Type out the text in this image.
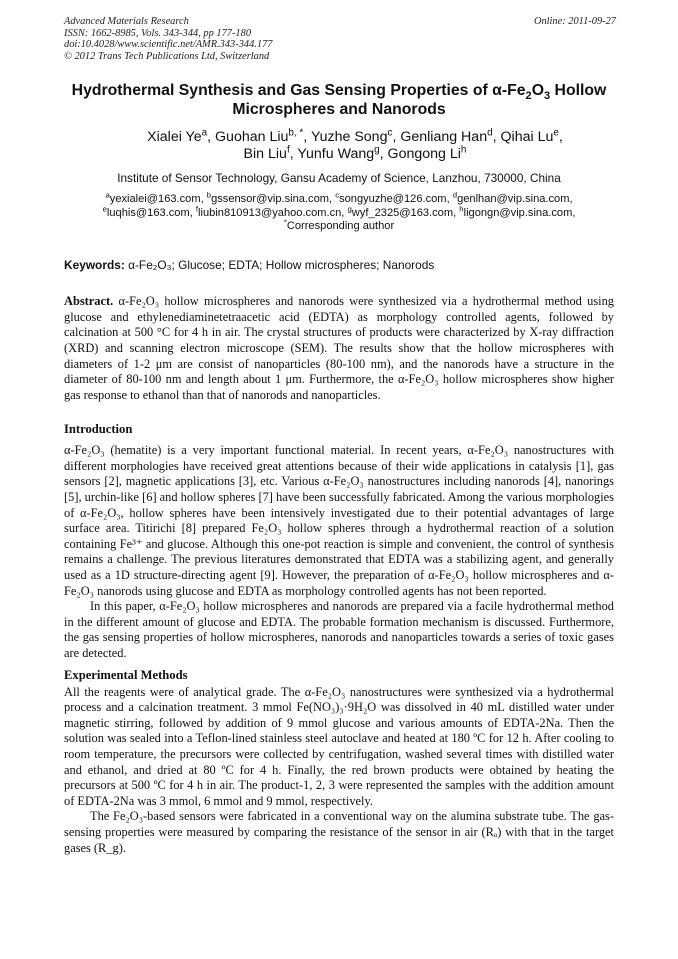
Advanced Materials Research
ISSN: 1662-8985, Vols. 343-344, pp 177-180
doi:10.4028/www.scientific.net/AMR.343-344.177
© 2012 Trans Tech Publications Ltd, Switzerland
Online: 2011-09-27
Hydrothermal Synthesis and Gas Sensing Properties of $\alpha-Fe_2O_3$ Hollow Microspheres and Nanorods
Xialei Ye$^a$, Guohan Liu$^{b, *}$, Yuzhe Song$^c$, Genliang Han$^d$, Qihai Lu$^e$,
Bin Liu$^f$, Yunfu Wang$^g$, Gongong Li$^h$
Institute of Sensor Technology, Gansu Academy of Science, Lanzhou, 730000, China
$^a$yexialei@163.com, $^b$gssensor@vip.sina.com, $^c$songyuzhe@126.com, $^d$genlhan@vip.sina.com,
$^e$luqhis@163.com, $^f$liubin810913@yahoo.com.cn, $^g$wyf_2325@163.com, $^h$ligongn@vip.sina.com,
*Corresponding author
Keywords: α-Fe₂O₃; Glucose; EDTA; Hollow microspheres; Nanorods
Abstract. α-Fe₂O₃ hollow microspheres and nanorods were synthesized via a hydrothermal method using glucose and ethylenediaminetetraacetic acid (EDTA) as morphology controlled agents, followed by calcination at 500 °C for 4 h in air. The crystal structures of products were characterized by X-ray diffraction (XRD) and scanning electron microscope (SEM). The results show that the hollow microspheres with diameters of 1-2 μm are consist of nanoparticles (80-100 nm), and the nanorods have a structure in the diameter of 80-100 nm and length about 1 μm. Furthermore, the α-Fe₂O₃ hollow microspheres show higher gas response to ethanol than that of nanorods and nanoparticles.
Introduction

α-Fe₂O₃ (hematite) is a very important functional material. In recent years, α-Fe₂O₃ nanostructures with different morphologies have received great attentions because of their wide applications in catalysis [1], gas sensors [2], magnetic applications [3], etc. Various α-Fe₂O₃ nanostructures including nanorods [4], nanorings [5], urchin-like [6] and hollow spheres [7] have been successfully fabricated. Among the various morphologies of α-Fe₂O₃, hollow spheres have been intensively investigated due to their potential advantages of large surface area. Titirichi [8] prepared Fe₂O₃ hollow spheres through a hydrothermal reaction of a solution containing Fe³⁺ and glucose. Although this one-pot reaction is simple and convenient, the control of synthesis remains a challenge. The previous literatures demonstrated that EDTA was a stabilizing agent, and generally used as a 1D structure-directing agent [9]. However, the preparation of α-Fe₂O₃ hollow microspheres and α-Fe₂O₃ nanorods using glucose and EDTA as morphology controlled agents has not been reported.

In this paper, α-Fe₂O₃ hollow microspheres and nanorods are prepared via a facile hydrothermal method in the different amount of glucose and EDTA. The probable formation mechanism is discussed. Furthermore, the gas sensing properties of hollow microspheres, nanorods and nanoparticles towards a series of toxic gases are detected.

Experimental Methods

All the reagents were of analytical grade. The α-Fe₂O₃ nanostructures were synthesized via a hydrothermal process and a calcination treatment. 3 mmol Fe(NO₃)₃·9H₂O was dissolved in 40 mL distilled water under magnetic stirring, followed by addition of 9 mmol glucose and various amounts of EDTA-2Na. Then the solution was sealed into a Teflon-lined stainless steel autoclave and heated at 180 ºC for 12 h. After cooling to room temperature, the precursors were collected by centrifugation, washed several times with distilled water and ethanol, and dried at 80 ºC for 4 h. Finally, the red brown products were obtained by heating the precursors at 500 ºC for 4 h in air. The product-1, 2, 3 were represented the samples with the addition amount of EDTA-2Na was 3 mmol, 6 mmol and 9 mmol, respectively.

The Fe₂O₃-based sensors were fabricated in a conventional way on the alumina substrate tube. The gas-sensing properties were measured by comparing the resistance of the sensor in air (Rₐ) with that in the target gases (R_g).
